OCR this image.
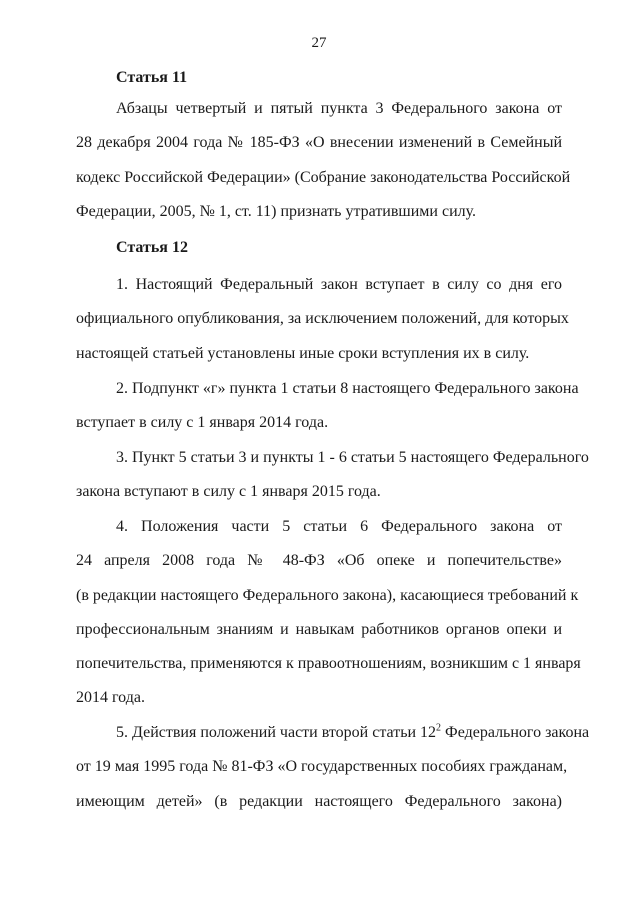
27
Статья 11
Абзацы четвертый и пятый пункта 3 Федерального закона от
28 декабря 2004 года № 185-ФЗ «О внесении изменений в Семейный
кодекс Российской Федерации» (Собрание законодательства Российской
Федерации, 2005, № 1, ст. 11) признать утратившими силу.
Статья 12
1. Настоящий Федеральный закон вступает в силу со дня его
официального опубликования, за исключением положений, для которых
настоящей статьей установлены иные сроки вступления их в силу.
2. Подпункт «г» пункта 1 статьи 8 настоящего Федерального закона
вступает в силу с 1 января 2014 года.
3. Пункт 5 статьи 3 и пункты 1 - 6 статьи 5 настоящего Федерального
закона вступают в силу с 1 января 2015 года.
4. Положения части 5 статьи 6 Федерального закона от
24 апреля 2008 года № 48-ФЗ «Об опеке и попечительстве»
(в редакции настоящего Федерального закона), касающиеся требований к
профессиональным знаниям и навыкам работников органов опеки и
попечительства, применяются к правоотношениям, возникшим с 1 января
2014 года.
5. Действия положений части второй статьи $12^2$ Федерального закона
от 19 мая 1995 года № 81-ФЗ «О государственных пособиях гражданам,
имеющим детей» (в редакции настоящего Федерального закона)
